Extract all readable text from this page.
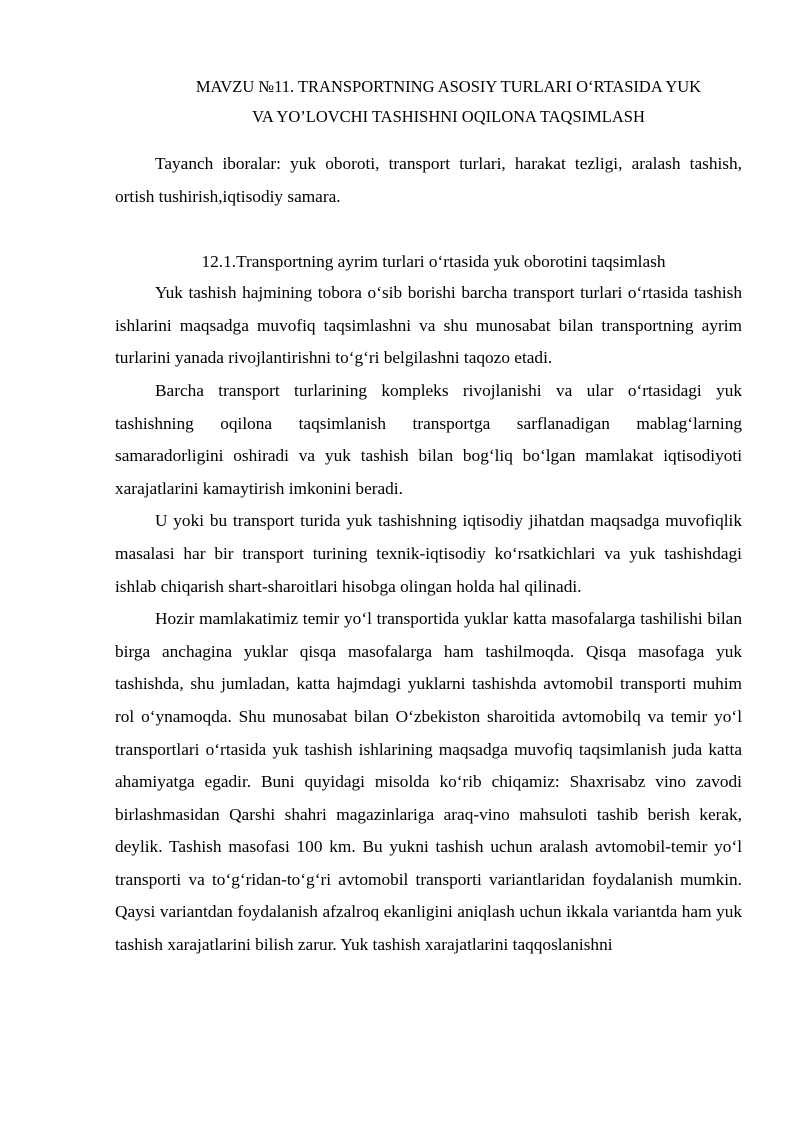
MAVZU №11. TRANSPORTNING ASOSIY TURLARI O‘RTASIDA YUK
VA YO’LOVCHI TASHISHNI OQILONA TAQSIMLASH

Tayanch iboralar: yuk oboroti, transport turlari, harakat tezligi, aralash tashish, ortish tushirish,iqtisodiy samara.

12.1.Transportning ayrim turlari o‘rtasida yuk oborotini taqsimlash

Yuk tashish hajmining tobora o‘sib borishi barcha transport turlari o‘rtasida tashish ishlarini maqsadga muvofiq taqsimlashni va shu munosabat bilan transportning ayrim turlarini yanada rivojlantirishni to‘g‘ri belgilashni taqozo etadi.

Barcha transport turlarining kompleks rivojlanishi va ular o‘rtasidagi yuk tashishning oqilona taqsimlanish transportga sarflanadigan mablag‘larning samaradorligini oshiradi va yuk tashish bilan bog‘liq bo‘lgan mamlakat iqtisodiyoti xarajatlarini kamaytirish imkonini beradi.

U yoki bu transport turida yuk tashishning iqtisodiy jihatdan maqsadga muvofiqlik masalasi har bir transport turining texnik-iqtisodiy ko‘rsatkichlari va yuk tashishdagi ishlab chiqarish shart-sharoitlari hisobga olingan holda hal qilinadi.

Hozir mamlakatimiz temir yo‘l transportida yuklar katta masofalarga tashilishi bilan birga anchagina yuklar qisqa masofalarga ham tashilmoqda. Qisqa masofaga yuk tashishda, shu jumladan, katta hajmdagi yuklarni tashishda avtomobil transporti muhim rol o‘ynamoqda. Shu munosabat bilan O‘zbekiston sharoitida avtomobilq va temir yo‘l transportlari o‘rtasida yuk tashish ishlarining maqsadga muvofiq taqsimlanish juda katta ahamiyatga egadir. Buni quyidagi misolda ko‘rib chiqamiz: Shaxrisabz vino zavodi birlashmasidan Qarshi shahri magazinlariga araq-vino mahsuloti tashib berish kerak, deylik. Tashish masofasi 100 km. Bu yukni tashish uchun aralash avtomobil-temir yo‘l transporti va to‘g‘ridan-to‘g‘ri avtomobil transporti variantlaridan foydalanish mumkin. Qaysi variantdan foydalanish afzalroq ekanligini aniqlash uchun ikkala variantda ham yuk tashish xarajatlarini bilish zarur. Yuk tashish xarajatlarini taqqoslanishni
